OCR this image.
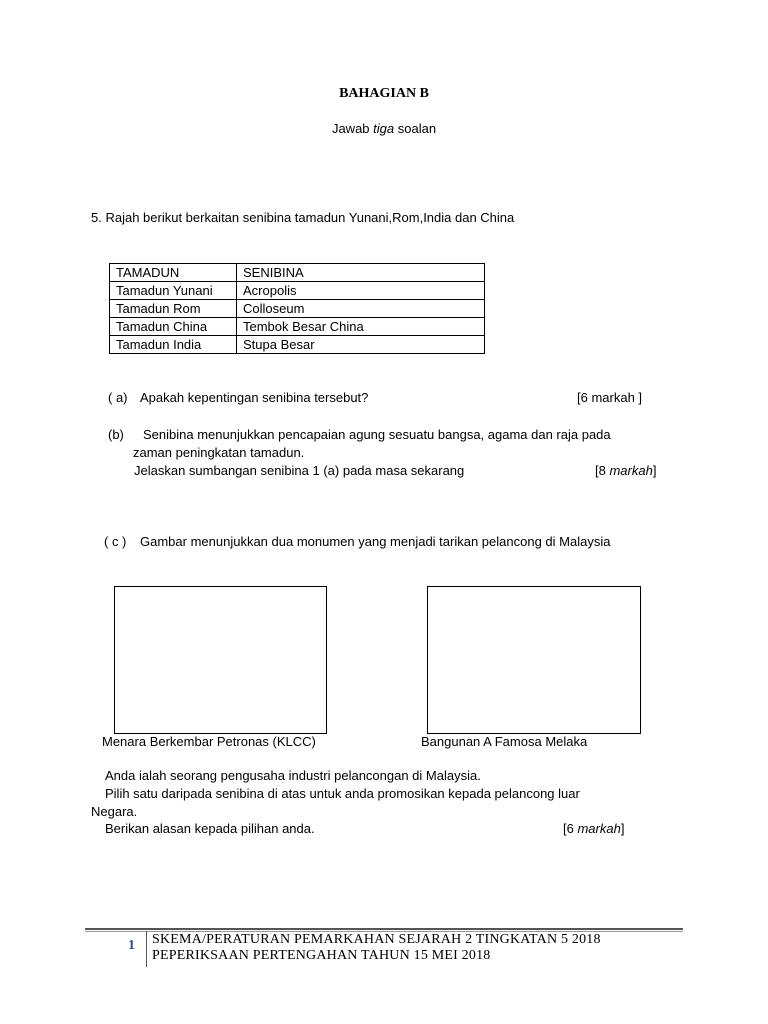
BAHAGIAN B
Jawab tiga soalan
5. Rajah berikut berkaitan senibina tamadun Yunani,Rom,India dan China
TAMADUN	SENIBINA
Tamadun Yunani	Acropolis
Tamadun Rom	Colloseum
Tamadun China	Tembok Besar China
Tamadun India	Stupa Besar
( a) Apakah kepentingan senibina tersebut?	[6 markah ]
(b) Senibina menunjukkan pencapaian agung sesuatu bangsa, agama dan raja pada
zaman peningkatan tamadun.
Jelaskan sumbangan senibina 1 (a) pada masa sekarang	[8 markah]
( c ) Gambar menunjukkan dua monumen yang menjadi tarikan pelancong di Malaysia
Menara Berkembar Petronas (KLCC)	Bangunan A Famosa Melaka
Anda ialah seorang pengusaha industri pelancongan di Malaysia.
Pilih satu daripada senibina di atas untuk anda promosikan kepada pelancong luar
Negara.
Berikan alasan kepada pilihan anda.	[6 markah]
1 SKEMA/PERATURAN PEMARKAHAN SEJARAH 2 TINGKATAN 5 2018
PEPERIKSAAN PERTENGAHAN TAHUN 15 MEI 2018
